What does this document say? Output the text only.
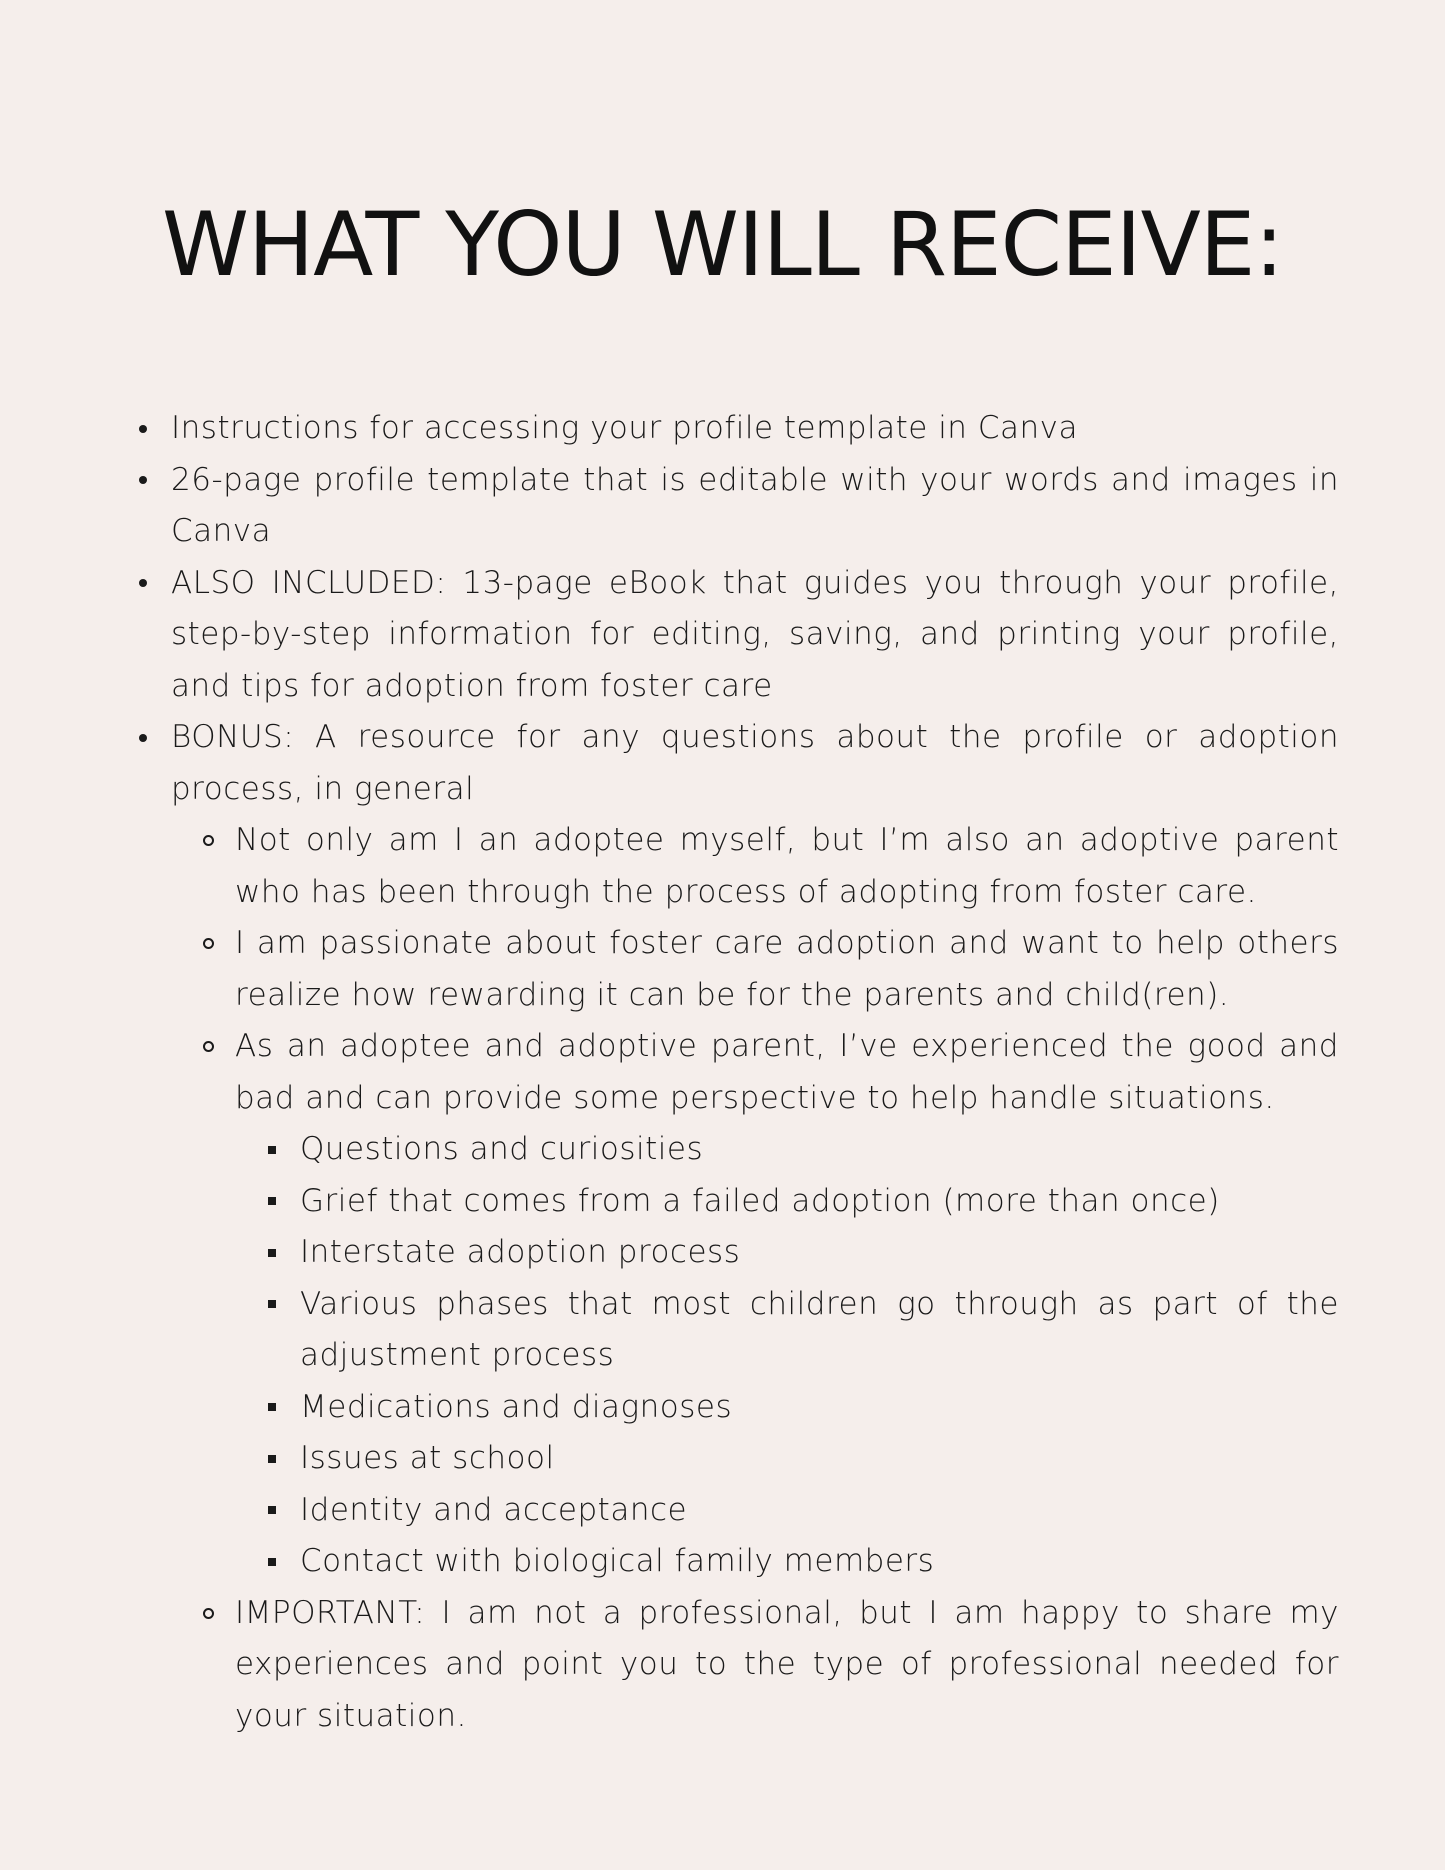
WHAT YOU WILL RECEIVE:
Instructions for accessing your profile template in Canva
26-page profile template that is editable with your words and images in Canva
ALSO INCLUDED: 13-page eBook that guides you through your profile, step-by-step information for editing, saving, and printing your profile, and tips for adoption from foster care
BONUS: A resource for any questions about the profile or adoption process, in general
Not only am I an adoptee myself, but I’m also an adoptive parent who has been through the process of adopting from foster care.
I am passionate about foster care adoption and want to help others realize how rewarding it can be for the parents and child(ren).
As an adoptee and adoptive parent, I’ve experienced the good and bad and can provide some perspective to help handle situations.
Questions and curiosities
Grief that comes from a failed adoption (more than once)
Interstate adoption process
Various phases that most children go through as part of the adjustment process
Medications and diagnoses
Issues at school
Identity and acceptance
Contact with biological family members
IMPORTANT: I am not a professional, but I am happy to share my experiences and point you to the type of professional needed for your situation.
